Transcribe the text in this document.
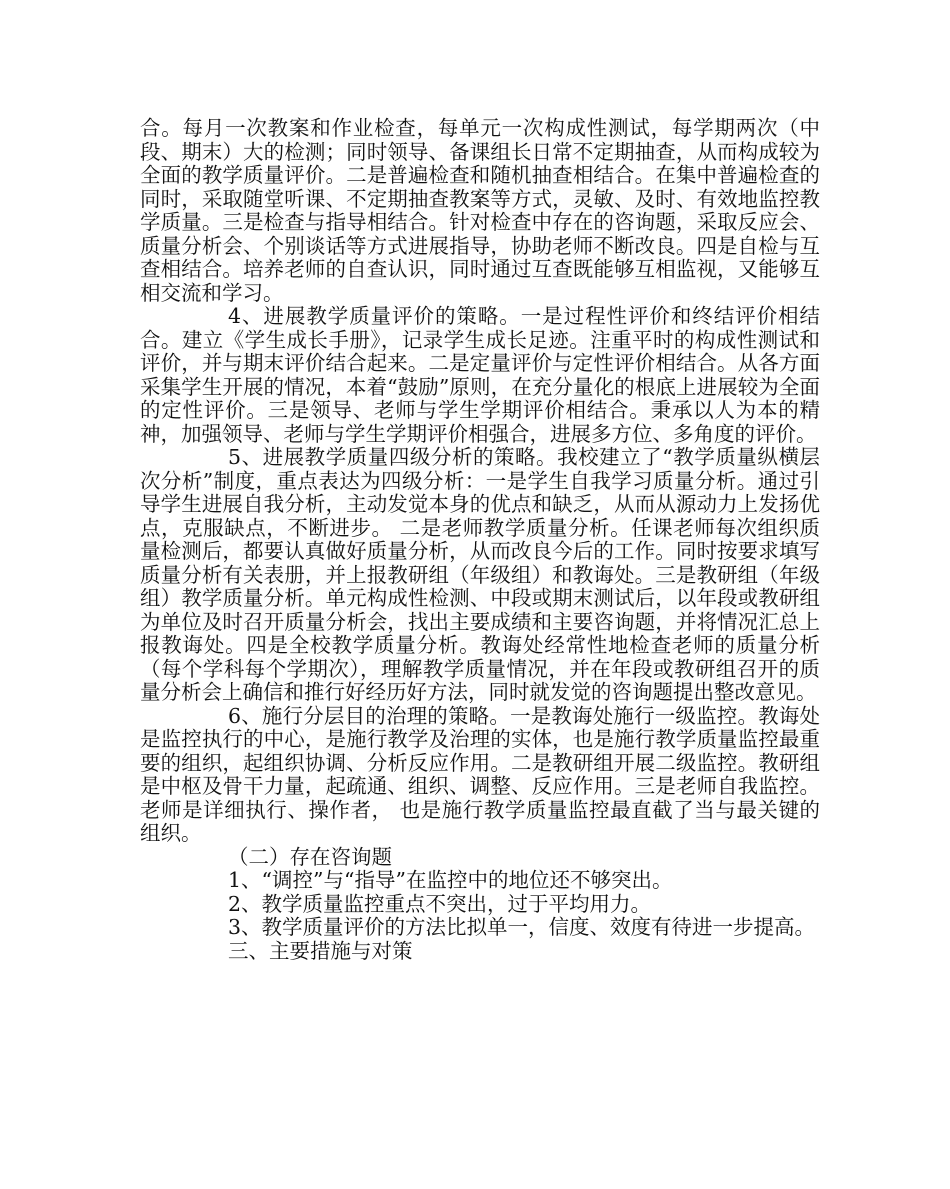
合。每月一次教案和作业检查，每单元一次构成性测试，每学期两次（中段、期末）大的检测；同时领导、备课组长日常不定期抽查，从而构成较为全面的教学质量评价。二是普遍检查和随机抽查相结合。在集中普遍检查的同时，采取随堂听课、不定期抽查教案等方式，灵敏、及时、有效地监控教学质量。三是检查与指导相结合。针对检查中存在的咨询题，采取反应会、质量分析会、个别谈话等方式进展指导，协助老师不断改良。四是自检与互查相结合。培养老师的自查认识，同时通过互查既能够互相监视，又能够互相交流和学习。

4、进展教学质量评价的策略。一是过程性评价和终结评价相结合。建立《学生成长手册》，记录学生成长足迹。注重平时的构成性测试和评价，并与期末评价结合起来。二是定量评价与定性评价相结合。从各方面采集学生开展的情况，本着“鼓励”原则，在充分量化的根底上进展较为全面的定性评价。三是领导、老师与学生学期评价相结合。秉承以人为本的精神，加强领导、老师与学生学期评价相强合，进展多方位、多角度的评价。

5、进展教学质量四级分析的策略。我校建立了“教学质量纵横层次分析”制度，重点表达为四级分析：一是学生自我学习质量分析。通过引导学生进展自我分析，主动发觉本身的优点和缺乏，从而从源动力上发扬优点，克服缺点，不断进步。 二是老师教学质量分析。任课老师每次组织质量检测后，都要认真做好质量分析，从而改良今后的工作。同时按要求填写质量分析有关表册，并上报教研组（年级组）和教诲处。三是教研组（年级组）教学质量分析。单元构成性检测、中段或期末测试后，以年段或教研组为单位及时召开质量分析会，找出主要成绩和主要咨询题，并将情况汇总上报教诲处。四是全校教学质量分析。教诲处经常性地检查老师的质量分析（每个学科每个学期次），理解教学质量情况，并在年段或教研组召开的质量分析会上确信和推行好经历好方法，同时就发觉的咨询题提出整改意见。

6、施行分层目的治理的策略。一是教诲处施行一级监控。教诲处是监控执行的中心，是施行教学及治理的实体，也是施行教学质量监控最重要的组织，起组织协调、分析反应作用。二是教研组开展二级监控。教研组是中枢及骨干力量，起疏通、组织、调整、反应作用。三是老师自我监控。老师是详细执行、操作者， 也是施行教学质量监控最直截了当与最关键的组织。

（二）存在咨询题

1、“调控”与“指导”在监控中的地位还不够突出。

2、教学质量监控重点不突出，过于平均用力。

3、教学质量评价的方法比拟单一，信度、效度有待进一步提高。

三、主要措施与对策
